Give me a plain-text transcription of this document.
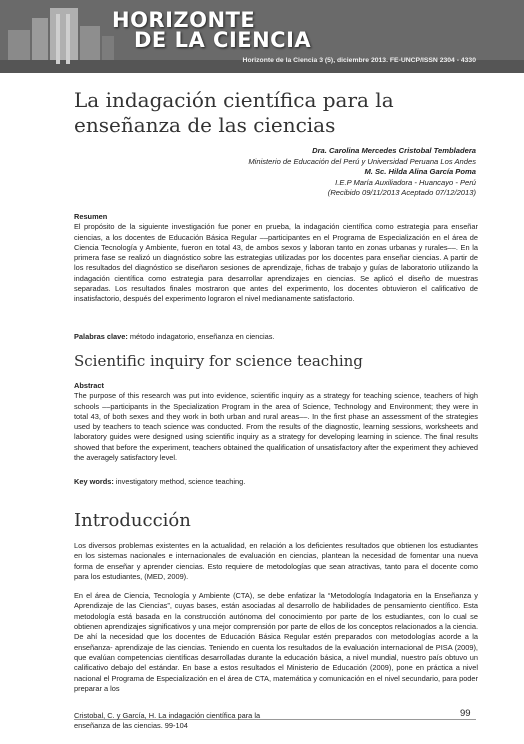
HORIZONTE
DE LA CIENCIA
Horizonte de la Ciencia 3 (5), diciembre 2013. FE-UNCP/ISSN 2304 - 4330
La indagación científica para la enseñanza de las ciencias
Dra. Carolina Mercedes Cristobal Tembladera
Ministerio de Educación del Perú y Universidad Peruana Los Andes
M. Sc. Hilda Alina García Poma
I.E.P María Auxiliadora - Huancayo - Perú
(Recibido 09/11/2013 Aceptado 07/12/2013)
Resumen
El propósito de la siguiente investigación fue poner en prueba, la indagación científica como estrategia para enseñar ciencias, a los docentes de Educación Básica Regular ––participantes en el Programa de Especialización en el área de Ciencia Tecnología y Ambiente, fueron en total 43, de ambos sexos y laboran tanto en zonas urbanas y rurales––. En la primera fase se realizó un diagnóstico sobre las estrategias utilizadas por los docentes para enseñar ciencias. A partir de los resultados del diagnóstico se diseñaron sesiones de aprendizaje, fichas de trabajo y guías de laboratorio utilizando la indagación científica como estrategia para desarrollar aprendizajes en ciencias. Se aplicó el diseño de muestras separadas. Los resultados finales mostraron que antes del experimento, los docentes obtuvieron el calificativo de insatisfactorio, después del experimento lograron el nivel medianamente satisfactorio.
Palabras clave: método indagatorio, enseñanza en ciencias.
Scientific inquiry for science teaching
Abstract
The purpose of this research was put into evidence, scientific inquiry as a strategy for teaching science, teachers of high schools ––participants in the Specialization Program in the area of Science, Technology and Environment; they were in total 43, of both sexes and they work in both urban and rural areas––. In the first phase an assessment of the strategies used by teachers to teach science was conducted. From the results of the diagnostic, learning sessions, worksheets and laboratory guides were designed using scientific inquiry as a strategy for developing learning in science. The final results showed that before the experiment, teachers obtained the qualification of unsatisfactory after the experiment they achieved the averagely satisfactory level.
Key words: investigatory method, science teaching.
Introducción

Los diversos problemas existentes en la actualidad, en relación a los deficientes resultados que obtienen los estudiantes en los sistemas nacionales e internacionales de evaluación en ciencias, plantean la necesidad de fomentar una nueva forma de enseñar y aprender ciencias. Esto requiere de metodologías que sean atractivas, tanto para el docente como para los estudiantes, (MED, 2009).

En el área de Ciencia, Tecnología y Ambiente (CTA), se debe enfatizar la “Metodología Indagatoria en la Enseñanza y Aprendizaje de las Ciencias”, cuyas bases, están asociadas al desarrollo de habilidades de pensamiento científico. Esta metodología está basada en la construcción autónoma del conocimiento por parte de los estudiantes, con lo cual se obtienen aprendizajes significativos y una mejor comprensión por parte de ellos de los conceptos relacionados a la ciencia. De ahí la necesidad que los docentes de Educación Básica Regular estén preparados con metodologías acorde a la enseñanza- aprendizaje de las ciencias. Teniendo en cuenta los resultados de la evaluación internacional de PISA (2009), que evalúan competencias científicas desarrolladas durante la educación básica, a nivel mundial, nuestro país obtuvo un calificativo debajo del estándar. En base a estos resultados el Ministerio de Educación (2009), pone en práctica a nivel nacional el Programa de Especialización en el área de CTA, matemática y comunicación en el nivel secundario, para poder preparar a los

Cristobal, C. y García, H. La indagación científica para la
enseñanza de las ciencias. 99-104
99
